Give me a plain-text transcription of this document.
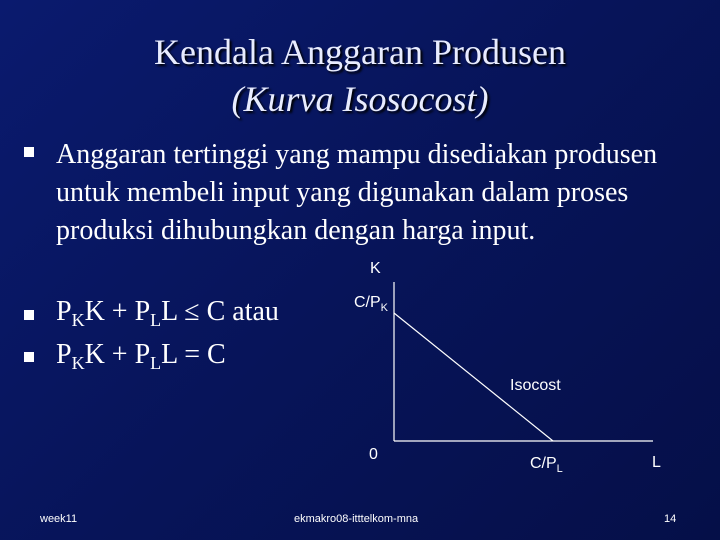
Kendala Anggaran Produsen
(Kurva Isosocost)
Anggaran tertinggi yang mampu disediakan produsen untuk membeli input yang digunakan dalam proses produksi dihubungkan dengan harga input.
$P_KK + P_LL \le C$ atau
$P_KK + P_LL = C$
K
$C/P_K$
Isocost
0
$C/P_L$	L
week11	ekmakro08-itttelkom-mna	14
